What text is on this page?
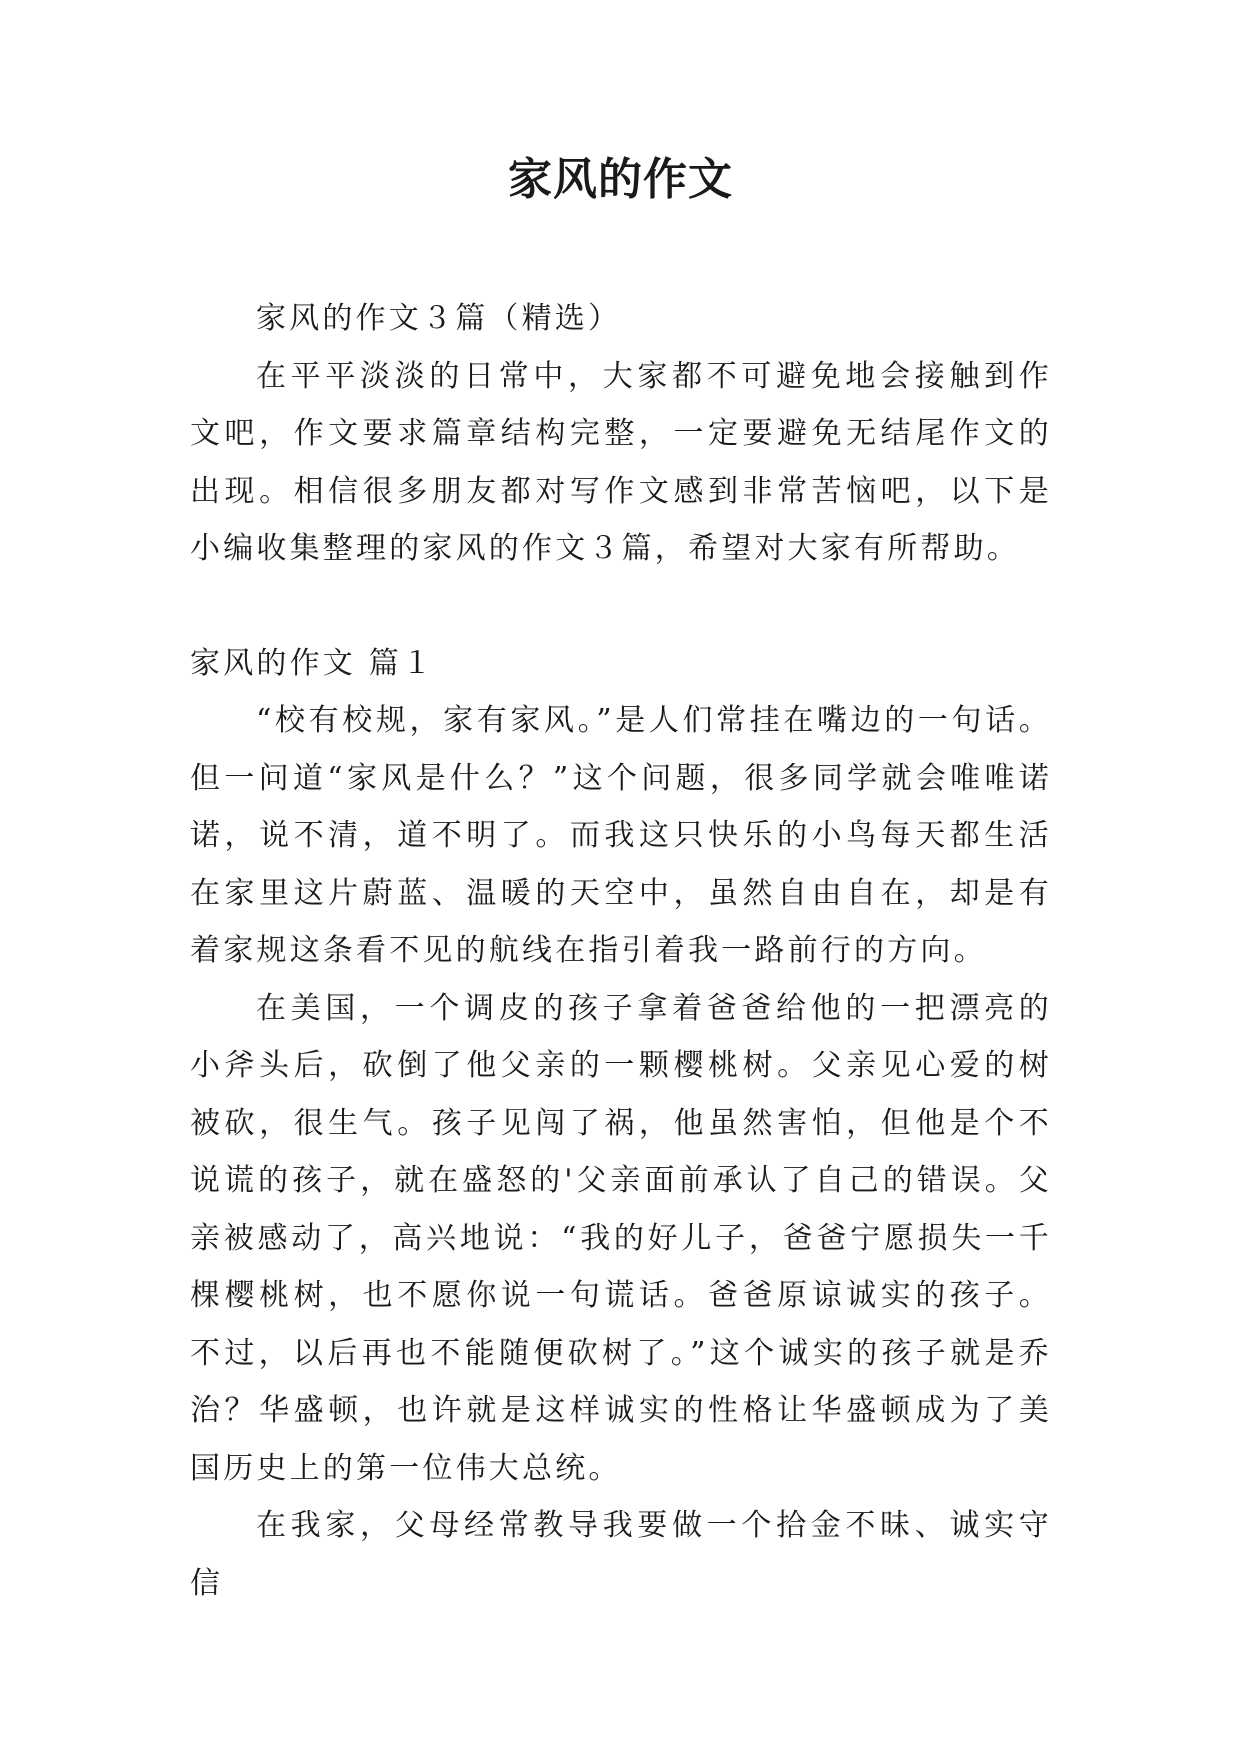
家风的作文

家风的作文３篇（精选）

在平平淡淡的日常中，大家都不可避免地会接触到作文吧，作文要求篇章结构完整，一定要避免无结尾作文的出现。相信很多朋友都对写作文感到非常苦恼吧，以下是小编收集整理的家风的作文３篇，希望对大家有所帮助。

家风的作文 篇１

“校有校规，家有家风。”是人们常挂在嘴边的一句话。但一问道“家风是什么？”这个问题，很多同学就会唯唯诺诺，说不清，道不明了。而我这只快乐的小鸟每天都生活在家里这片蔚蓝、温暖的天空中，虽然自由自在，却是有着家规这条看不见的航线在指引着我一路前行的方向。

在美国，一个调皮的孩子拿着爸爸给他的一把漂亮的小斧头后，砍倒了他父亲的一颗樱桃树。父亲见心爱的树被砍，很生气。孩子见闯了祸，他虽然害怕，但他是个不说谎的孩子，就在盛怒的'父亲面前承认了自己的错误。父亲被感动了，高兴地说：“我的好儿子，爸爸宁愿损失一千棵樱桃树，也不愿你说一句谎话。爸爸原谅诚实的孩子。不过，以后再也不能随便砍树了。”这个诚实的孩子就是乔治？华盛顿，也许就是这样诚实的性格让华盛顿成为了美国历史上的第一位伟大总统。

在我家，父母经常教导我要做一个拾金不昧、诚实守信
